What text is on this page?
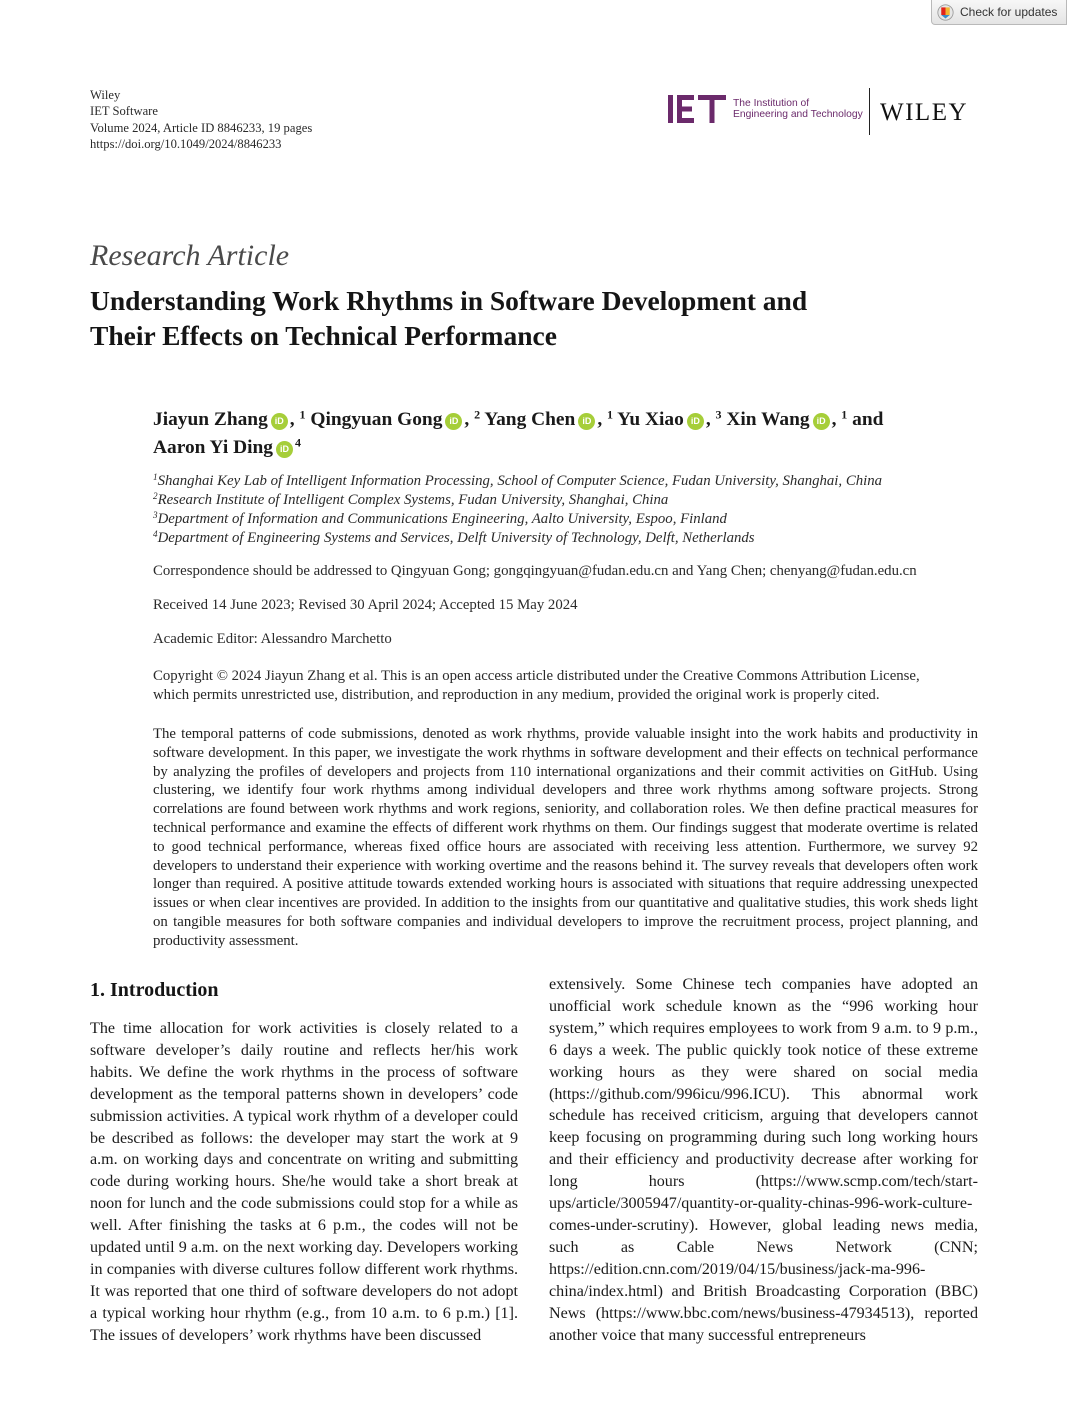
Check for updates
Wiley
IET Software
Volume 2024, Article ID 8846233, 19 pages
https://doi.org/10.1049/2024/8846233
IET
The Institution of
Engineering and Technology WILEY
Research Article
Understanding Work Rhythms in Software Development and
Their Effects on Technical Performance
Jiayun Zhang iD , $^1$ Qingyuan Gong iD , $^2$ Yang Chen iD , $^1$ Yu Xiao iD , $^3$ Xin Wang iD , $^1$ and
Aaron Yi Ding iD $^4$
$^1$Shanghai Key Lab of Intelligent Information Processing, School of Computer Science, Fudan University, Shanghai, China
$^2$Research Institute of Intelligent Complex Systems, Fudan University, Shanghai, China
$^3$Department of Information and Communications Engineering, Aalto University, Espoo, Finland
$^4$Department of Engineering Systems and Services, Delft University of Technology, Delft, Netherlands
Correspondence should be addressed to Qingyuan Gong; gongqingyuan@fudan.edu.cn and Yang Chen; chenyang@fudan.edu.cn
Received 14 June 2023; Revised 30 April 2024; Accepted 15 May 2024
Academic Editor: Alessandro Marchetto
Copyright © 2024 Jiayun Zhang et al. This is an open access article distributed under the Creative Commons Attribution License,
which permits unrestricted use, distribution, and reproduction in any medium, provided the original work is properly cited.
The temporal patterns of code submissions, denoted as work rhythms, provide valuable insight into the work habits and productivity in software development. In this paper, we investigate the work rhythms in software development and their effects on technical performance by analyzing the profiles of developers and projects from 110 international organizations and their commit activities on GitHub. Using clustering, we identify four work rhythms among individual developers and three work rhythms among software projects. Strong correlations are found between work rhythms and work regions, seniority, and collaboration roles. We then define practical measures for technical performance and examine the effects of different work rhythms on them. Our findings suggest that moderate overtime is related to good technical performance, whereas fixed office hours are associated with receiving less attention. Furthermore, we survey 92 developers to understand their experience with working overtime and the reasons behind it. The survey reveals that developers often work longer than required. A positive attitude towards extended working hours is associated with situations that require addressing unexpected issues or when clear incentives are provided. In addition to the insights from our quantitative and qualitative studies, this work sheds light on tangible measures for both software companies and individual developers to improve the recruitment process, project planning, and productivity assessment.
1. Introduction

The time allocation for work activities is closely related to a software developer’s daily routine and reflects her/his work habits. We define the work rhythms in the process of software development as the temporal patterns shown in developers’ code submission activities. A typical work rhythm of a developer could be described as follows: the developer may start the work at 9 a.m. on working days and concentrate on writing and submitting code during working hours. She/he would take a short break at noon for lunch and the code submissions could stop for a while as well. After finishing the tasks at 6 p.m., the codes will not be updated until 9 a.m. on the next working day. Developers working in companies with diverse cultures follow different work rhythms. It was reported that one third of software developers do not adopt a typical working hour rhythm (e.g., from 10 a.m. to 6 p.m.) [1]. The issues of developers’ work rhythms have been discussed

extensively. Some Chinese tech companies have adopted an unofficial work schedule known as the “996 working hour system,” which requires employees to work from 9 a.m. to 9 p.m., 6 days a week. The public quickly took notice of these extreme working hours as they were shared on social media (https://github.com/996icu/996.ICU). This abnormal work schedule has received criticism, arguing that developers cannot keep focusing on programming during such long working hours and their efficiency and productivity decrease after working for long hours (https://www.scmp.com/tech/start-ups/article/3005947/quantity-or-quality-chinas-996-work-culture-comes-under-scrutiny). However, global leading news media, such as Cable News Network (CNN; https://edition.cnn.com/2019/04/15/business/jack-ma-996-china/index.html) and British Broadcasting Corporation (BBC) News (https://www.bbc.com/news/business-47934513), reported another voice that many successful entrepreneurs
